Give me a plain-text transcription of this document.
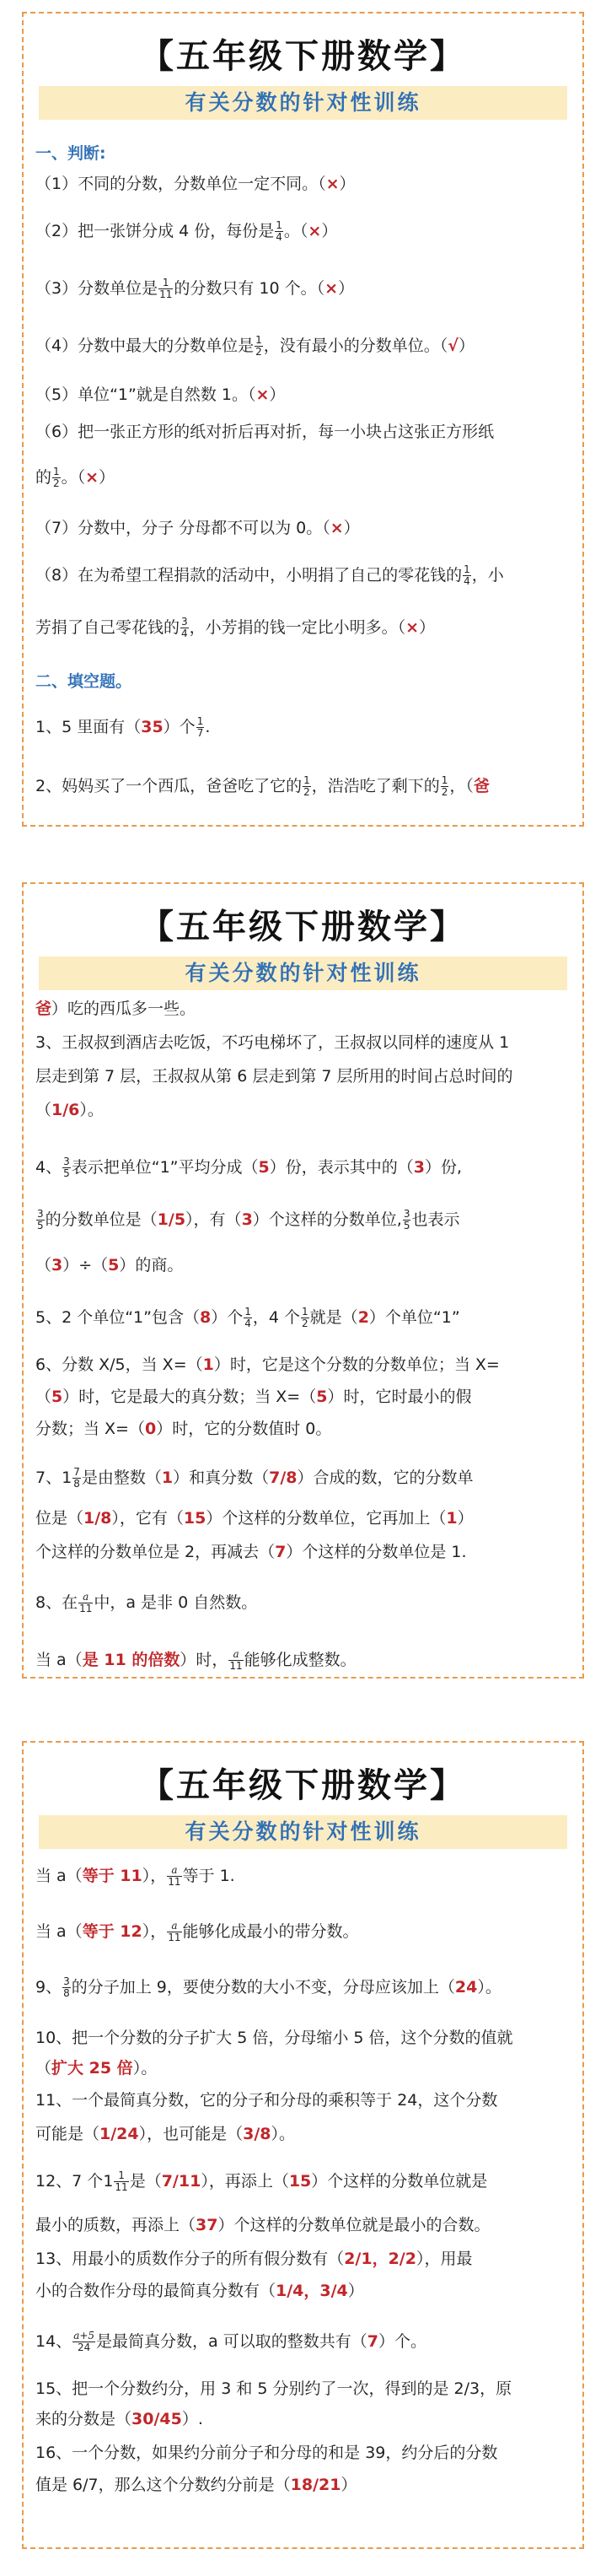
【五年级下册数学】
有关分数的针对性训练
一、判断:
（1）不同的分数，分数单位一定不同。（×）
（2）把一张饼分成 4 份，每份是 $\frac{1}{4}$ 。（×）
（3）分数单位是 $\frac{1}{11}$ 的分数只有 10 个。（×）
（4）分数中最大的分数单位是 $\frac{1}{2}$ ，没有最小的分数单位。（√）
（5）单位“1”就是自然数 1。（×）
（6）把一张正方形的纸对折后再对折，每一小块占这张正方形纸
的 $\frac{1}{2}$ 。（×）
（7）分数中，分子 分母都不可以为 0。（×）
（8）在为希望工程捐款的活动中，小明捐了自己的零花钱的 $\frac{1}{4}$ ，小
芳捐了自己零花钱的 $\frac{3}{4}$ ，小芳捐的钱一定比小明多。（×）
二、填空题。
1、5 里面有（35）个 $\frac{1}{7}$ .
2、妈妈买了一个西瓜，爸爸吃了它的 $\frac{1}{2}$ ，浩浩吃了剩下的 $\frac{1}{2}$ ，（爸
【五年级下册数学】
有关分数的针对性训练
爸）吃的西瓜多一些。
3、王叔叔到酒店去吃饭，不巧电梯坏了，王叔叔以同样的速度从 1
层走到第 7 层，王叔叔从第 6 层走到第 7 层所用的时间占总时间的
（1/6）。
4、 $\frac{3}{5}$ 表示把单位“1”平均分成（5）份，表示其中的（3）份,
$\frac{3}{5}$ 的分数单位是（1/5），有（3）个这样的分数单位, $\frac{3}{5}$ 也表示
（3）÷（5）的商。
5、2 个单位“1”包含（8）个 $\frac{1}{4}$ ，4 个 $\frac{1}{2}$ 就是（2）个单位“1”
6、分数 X/5，当 X=（1）时，它是这个分数的分数单位；当 X=
（5）时，它是最大的真分数；当 X=（5）时，它时最小的假
分数；当 X=（0）时，它的分数值时 0。
7、$1 \frac{7}{8}$ 是由整数（1）和真分数（7/8）合成的数，它的分数单
位是（1/8），它有（15）个这样的分数单位，它再加上（1）
个这样的分数单位是 2，再减去（7）个这样的分数单位是 1.
8、在 $\frac{a}{11}$ 中，a 是非 0 自然数。
当 a（是 11 的倍数）时， $\frac{a}{11}$ 能够化成整数。
【五年级下册数学】
有关分数的针对性训练
当 a（等于 11）， $\frac{a}{11}$ 等于 1.
当 a（等于 12）， $\frac{a}{11}$ 能够化成最小的带分数。
9、 $\frac{3}{8}$ 的分子加上 9，要使分数的大小不变，分母应该加上（24）。
10、把一个分数的分子扩大 5 倍，分母缩小 5 倍，这个分数的值就
（扩大 25 倍）。
11、一个最简真分数，它的分子和分母的乘积等于 24，这个分数
可能是（1/24），也可能是（3/8）。
12、7 个$1 \frac{1}{11}$ 是（7/11），再添上（15）个这样的分数单位就是
最小的质数，再添上（37）个这样的分数单位就是最小的合数。
13、用最小的质数作分子的所有假分数有（2/1，2/2），用最
小的合数作分母的最简真分数有（1/4，3/4）
14、 $\frac{a+5}{24}$ 是最简真分数，a 可以取的整数共有（7）个。
15、把一个分数约分，用 3 和 5 分别约了一次，得到的是 2/3，原
来的分数是（30/45）.
16、一个分数，如果约分前分子和分母的和是 39，约分后的分数
值是 6/7，那么这个分数约分前是（18/21）
